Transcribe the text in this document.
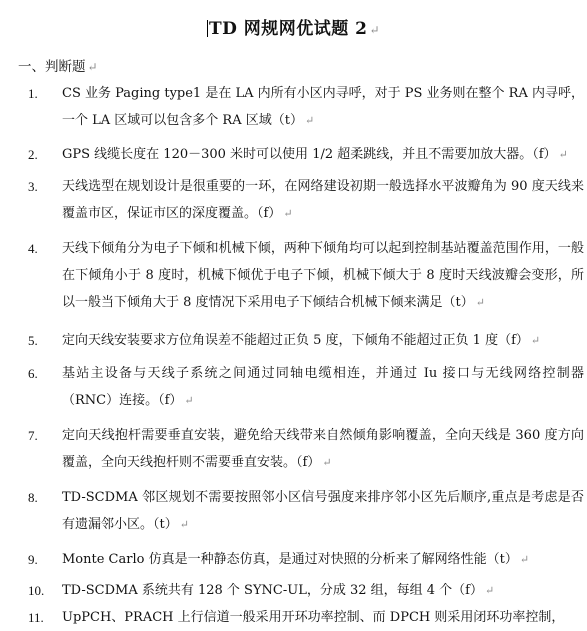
TD 网规网优试题 2 ↵
一、判断题 ↵
1. CS 业务 Paging type1 是在 LA 内所有小区内寻呼，对于 PS 业务则在整个 RA 内寻呼，一个 LA 区域可以包含多个 RA 区域（t） ↵
2. GPS 线缆长度在 120－300 米时可以使用 1/2 超柔跳线，并且不需要加放大器。（f） ↵
3. 天线选型在规划设计是很重要的一环，在网络建设初期一般选择水平波瓣角为 90 度天线来覆盖市区，保证市区的深度覆盖。（f） ↵
4. 天线下倾角分为电子下倾和机械下倾，两种下倾角均可以起到控制基站覆盖范围作用，一般在下倾角小于 8 度时，机械下倾优于电子下倾，机械下倾大于 8 度时天线波瓣会变形，所以一般当下倾角大于 8 度情况下采用电子下倾结合机械下倾来满足（t） ↵
5. 定向天线安装要求方位角误差不能超过正负 5 度，下倾角不能超过正负 1 度（f） ↵
6. 基站主设备与天线子系统之间通过同轴电缆相连，并通过 Iu 接口与无线网络控制器（RNC）连接。（f） ↵
7. 定向天线抱杆需要垂直安装，避免给天线带来自然倾角影响覆盖，全向天线是 360 度方向覆盖，全向天线抱杆则不需要垂直安装。（f） ↵
8. TD-SCDMA 邻区规划不需要按照邻小区信号强度来排序邻小区先后顺序,重点是考虑是否有遗漏邻小区。（t） ↵
9. Monte Carlo 仿真是一种静态仿真，是通过对快照的分析来了解网络性能（t） ↵
10. TD-SCDMA 系统共有 128 个 SYNC-UL，分成 32 组，每组 4 个（f） ↵
11. UpPCH、PRACH 上行信道一般采用开环功率控制、而 DPCH 则采用闭环功率控制，
